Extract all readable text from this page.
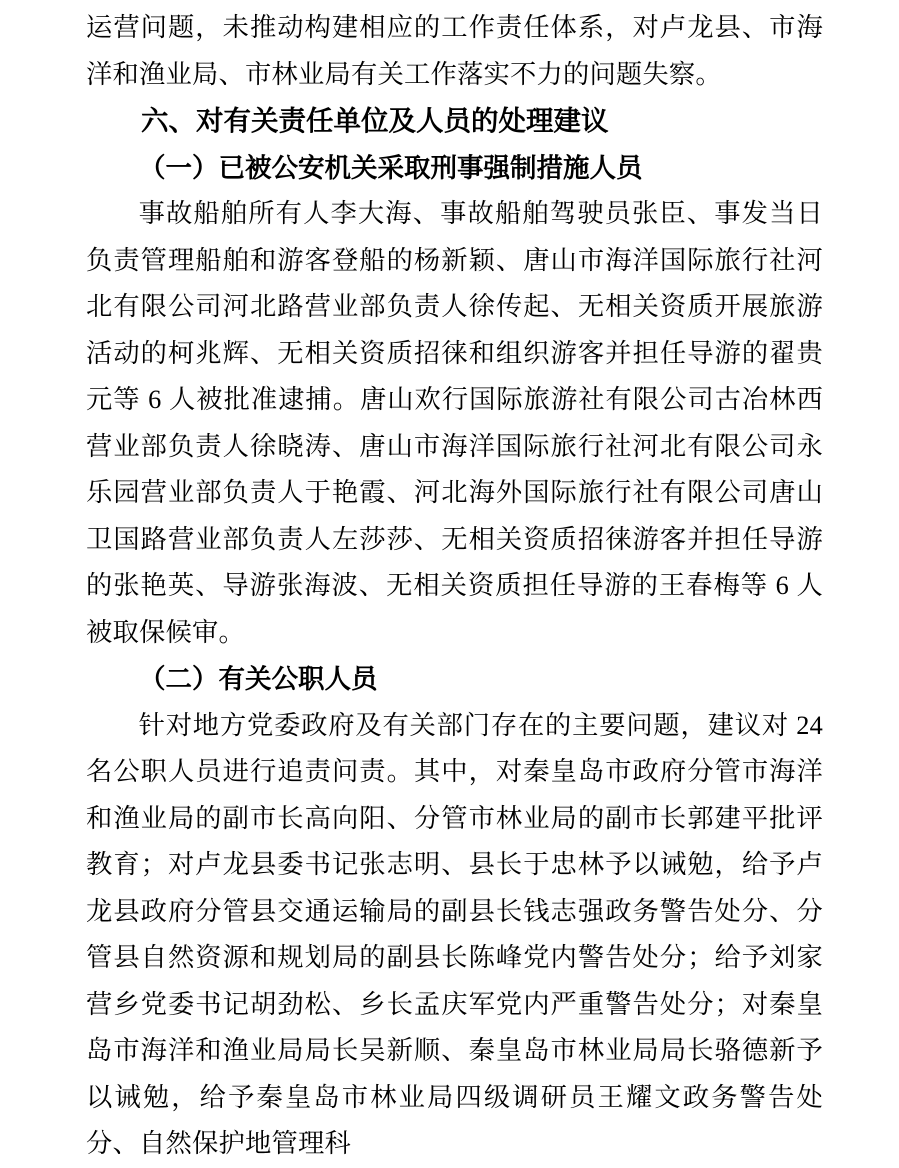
运营问题，未推动构建相应的工作责任体系，对卢龙县、市海洋和渔业局、市林业局有关工作落实不力的问题失察。

六、对有关责任单位及人员的处理建议

（一）已被公安机关采取刑事强制措施人员

事故船舶所有人李大海、事故船舶驾驶员张臣、事发当日负责管理船舶和游客登船的杨新颖、唐山市海洋国际旅行社河北有限公司河北路营业部负责人徐传起、无相关资质开展旅游活动的柯兆辉、无相关资质招徕和组织游客并担任导游的翟贵元等 6 人被批准逮捕。唐山欢行国际旅游社有限公司古冶林西营业部负责人徐晓涛、唐山市海洋国际旅行社河北有限公司永乐园营业部负责人于艳霞、河北海外国际旅行社有限公司唐山卫国路营业部负责人左莎莎、无相关资质招徕游客并担任导游的张艳英、导游张海波、无相关资质担任导游的王春梅等 6 人被取保候审。

（二）有关公职人员

针对地方党委政府及有关部门存在的主要问题，建议对 24 名公职人员进行追责问责。其中，对秦皇岛市政府分管市海洋和渔业局的副市长高向阳、分管市林业局的副市长郭建平批评教育；对卢龙县委书记张志明、县长于忠林予以诫勉，给予卢龙县政府分管县交通运输局的副县长钱志强政务警告处分、分管县自然资源和规划局的副县长陈峰党内警告处分；给予刘家营乡党委书记胡劲松、乡长孟庆军党内严重警告处分；对秦皇岛市海洋和渔业局局长吴新顺、秦皇岛市林业局局长骆德新予以诫勉，给予秦皇岛市林业局四级调研员王耀文政务警告处分、自然保护地管理科
